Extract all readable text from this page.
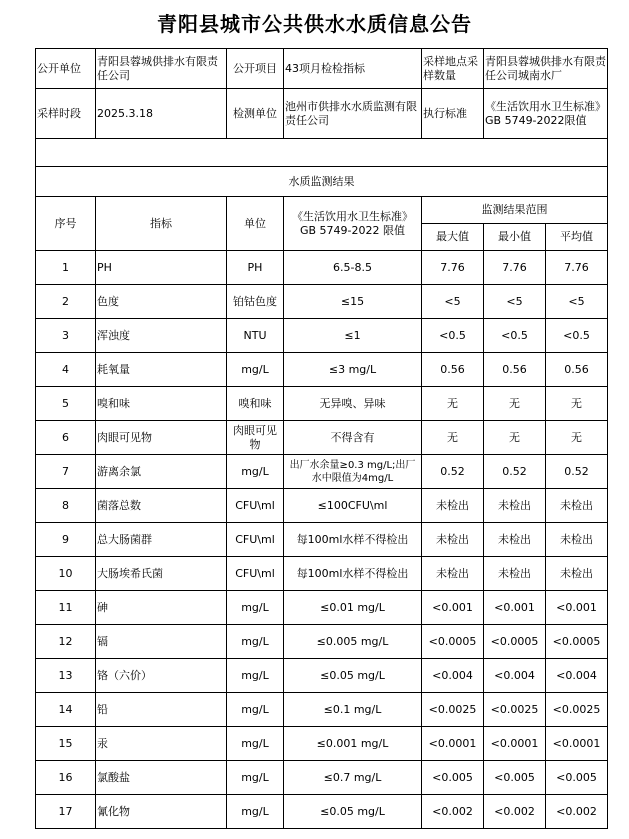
青阳县城市公共供水水质信息公告
公开单位	青阳县蓉城供排水有限责任公司	公开项目	43项月检检指标	采样地点采样数量	青阳县蓉城供排水有限责任公司城南水厂	
采样时段	2025.3.18	检测单位	池州市供排水水质监测有限责任公司	执行标准	《生活饮用水卫生标准》GB 5749-2022限值	

水质监测结果						
序号	指标	单位	《生活饮用水卫生标准》GB 5749-2022 限值	监测结果范围		
				最大值	最小值	平均值
1	PH	PH	6.5-8.5	7.76	7.76	7.76
2	色度	铂钴色度	≤15	<5	<5	<5
3	浑浊度	NTU	≤1	<0.5	<0.5	<0.5
4	耗氧量	mg/L	≤3 mg/L	0.56	0.56	0.56
5	嗅和味	嗅和味	无异嗅、异味	无	无	无
6	肉眼可见物	肉眼可见物	不得含有	无	无	无
7	游离余氯	mg/L	出厂水余量≥0.3 mg/L;出厂水中限值为4mg/L	0.52	0.52	0.52
8	菌落总数	CFU\ml	≤100CFU\ml	未检出	未检出	未检出
9	总大肠菌群	CFU\ml	每100ml水样不得检出	未检出	未检出	未检出
10	大肠埃希氏菌	CFU\ml	每100ml水样不得检出	未检出	未检出	未检出
11	砷	mg/L	≤0.01 mg/L	<0.001	<0.001	<0.001
12	镉	mg/L	≤0.005 mg/L	<0.0005	<0.0005	<0.0005
13	铬（六价）	mg/L	≤0.05 mg/L	<0.004	<0.004	<0.004
14	铅	mg/L	≤0.1 mg/L	<0.0025	<0.0025	<0.0025
15	汞	mg/L	≤0.001 mg/L	<0.0001	<0.0001	<0.0001
16	氯酸盐	mg/L	≤0.7 mg/L	<0.005	<0.005	<0.005
17	氰化物	mg/L	≤0.05 mg/L	<0.002	<0.002	<0.002
